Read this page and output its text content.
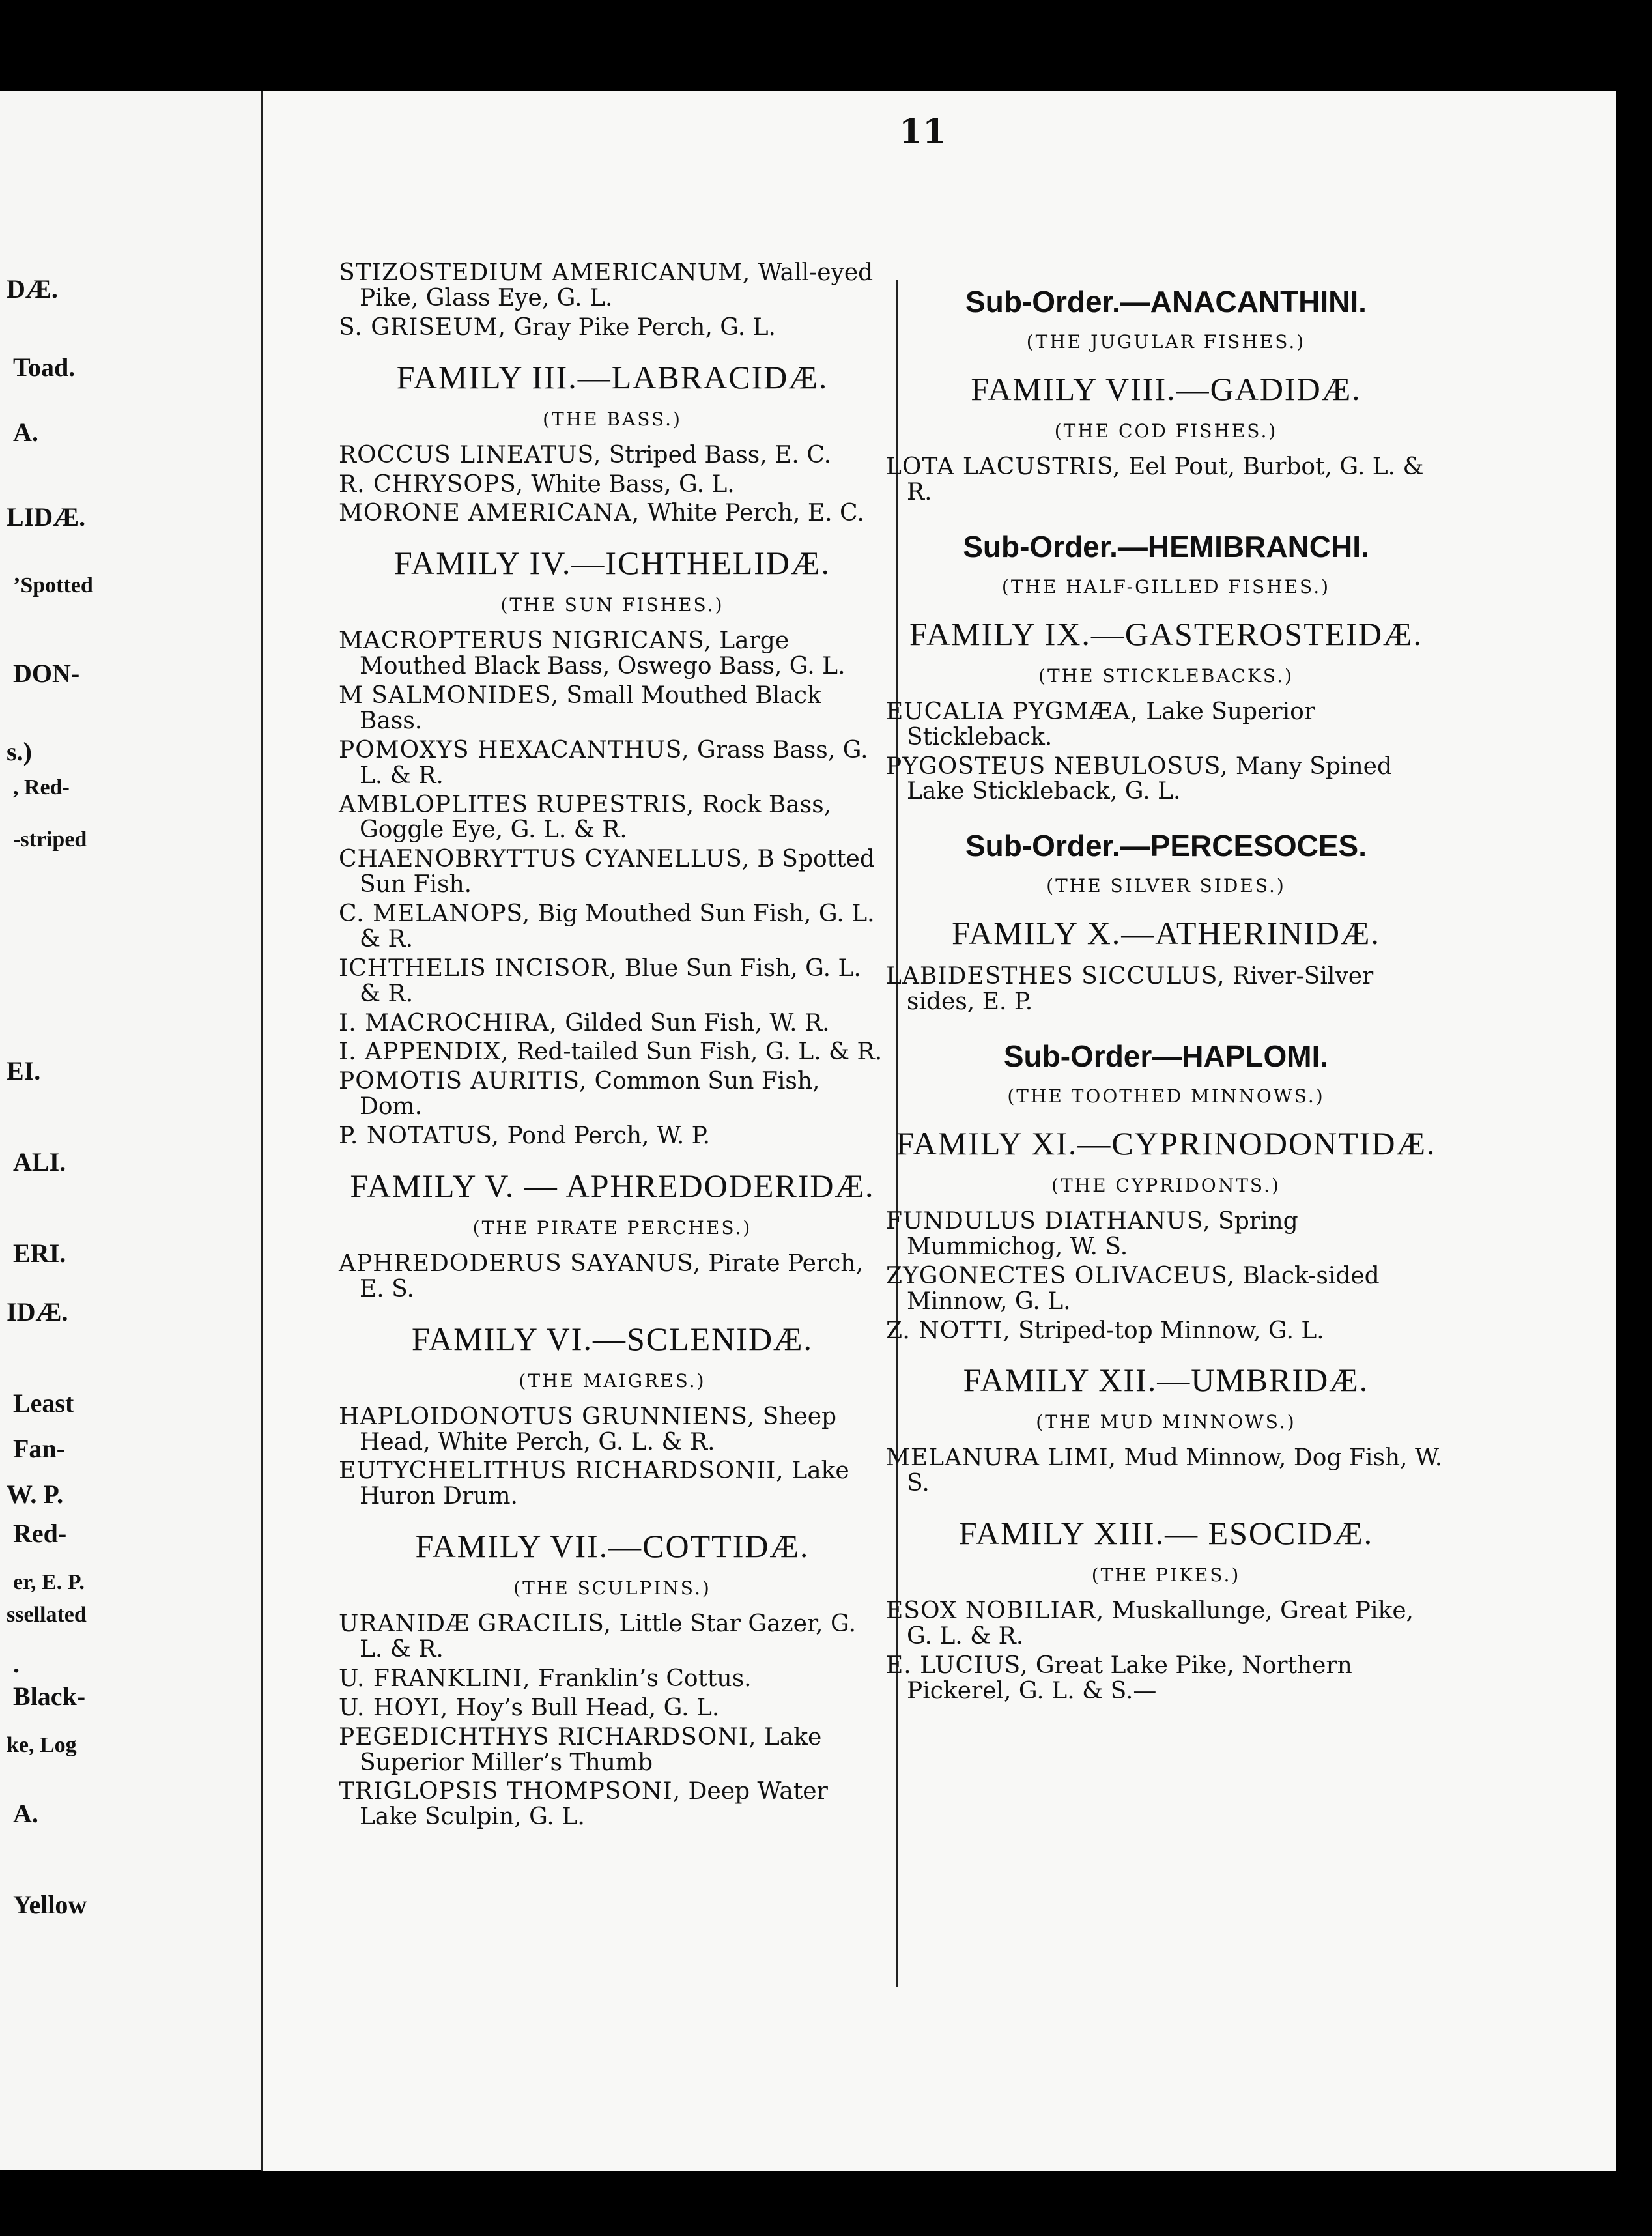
DÆ.
Toad.
A.
LIDÆ.
’Spotted
DON-
s.)
, Red-
-striped
EI.
ALI.
ERI.
IDÆ.
Least
Fan-
W. P.
Red-
er, E. P.
ssellated
.
Black-
ke, Log
A.
Yellow
11
STIZOSTEDIUM AMERICANUM, Wall-eyed Pike, Glass Eye, G. L.
S. GRISEUM, Gray Pike Perch, G. L.
FAMILY III.—LABRACIDÆ.
(THE BASS.)
ROCCUS LINEATUS, Striped Bass, E. C.
R. CHRYSOPS, White Bass, G. L.
MORONE AMERICANA, White Perch, E. C.
FAMILY IV.—ICHTHELIDÆ.
(THE SUN FISHES.)
MACROPTERUS NIGRICANS, Large Mouthed Black Bass, Oswego Bass, G. L.
M SALMONIDES, Small Mouthed Black Bass.
POMOXYS HEXACANTHUS, Grass Bass, G. L. & R.
AMBLOPLITES RUPESTRIS, Rock Bass, Goggle Eye, G. L. & R.
CHAENOBRYTTUS CYANELLUS, B Spotted Sun Fish.
C. MELANOPS, Big Mouthed Sun Fish, G. L. & R.
ICHTHELIS INCISOR, Blue Sun Fish, G. L. & R.
I. MACROCHIRA, Gilded Sun Fish, W. R.
I. APPENDIX, Red-tailed Sun Fish, G. L. & R.
POMOTIS AURITIS, Common Sun Fish, Dom.
P. NOTATUS, Pond Perch, W. P.
FAMILY V. — APHREDODERIDÆ.
(THE PIRATE PERCHES.)
APHREDODERUS SAYANUS, Pirate Perch, E. S.
FAMILY VI.—SCLENIDÆ.
(THE MAIGRES.)
HAPLOIDONOTUS GRUNNIENS, Sheep Head, White Perch, G. L. & R.
EUTYCHELITHUS RICHARDSONII, Lake Huron Drum.
FAMILY VII.—COTTIDÆ.
(THE SCULPINS.)
URANIDÆ GRACILIS, Little Star Gazer, G. L. & R.
U. FRANKLINI, Franklin’s Cottus.
U. HOYI, Hoy’s Bull Head, G. L.
PEGEDICHTHYS RICHARDSONI, Lake Superior Miller’s Thumb
TRIGLOPSIS THOMPSONI, Deep Water Lake Sculpin, G. L.
Sub-Order.—ANACANTHINI.
(THE JUGULAR FISHES.)
FAMILY VIII.—GADIDÆ.
(THE COD FISHES.)
LOTA LACUSTRIS, Eel Pout, Burbot, G. L. & R.
Sub-Order.—HEMIBRANCHI.
(THE HALF-GILLED FISHES.)
FAMILY IX.—GASTEROSTEIDÆ.
(THE STICKLEBACKS.)
EUCALIA PYGMÆA, Lake Superior Stickleback.
PYGOSTEUS NEBULOSUS, Many Spined Lake Stickleback, G. L.
Sub-Order.—PERCESOCES.
(THE SILVER SIDES.)
FAMILY X.—ATHERINIDÆ.
LABIDESTHES SICCULUS, River-Silver sides, E. P.
Sub-Order—HAPLOMI.
(THE TOOTHED MINNOWS.)
FAMILY XI.—CYPRINODONTIDÆ.
(THE CYPRIDONTS.)
FUNDULUS DIATHANUS, Spring Mummichog, W. S.
ZYGONECTES OLIVACEUS, Black-sided Minnow, G. L.
Z. NOTTI, Striped-top Minnow, G. L.
FAMILY XII.—UMBRIDÆ.
(THE MUD MINNOWS.)
MELANURA LIMI, Mud Minnow, Dog Fish, W. S.
FAMILY XIII.— ESOCIDÆ.
(THE PIKES.)
ESOX NOBILIAR, Muskallunge, Great Pike, G. L. & R.
E. LUCIUS, Great Lake Pike, Northern Pickerel, G. L. & S.—
